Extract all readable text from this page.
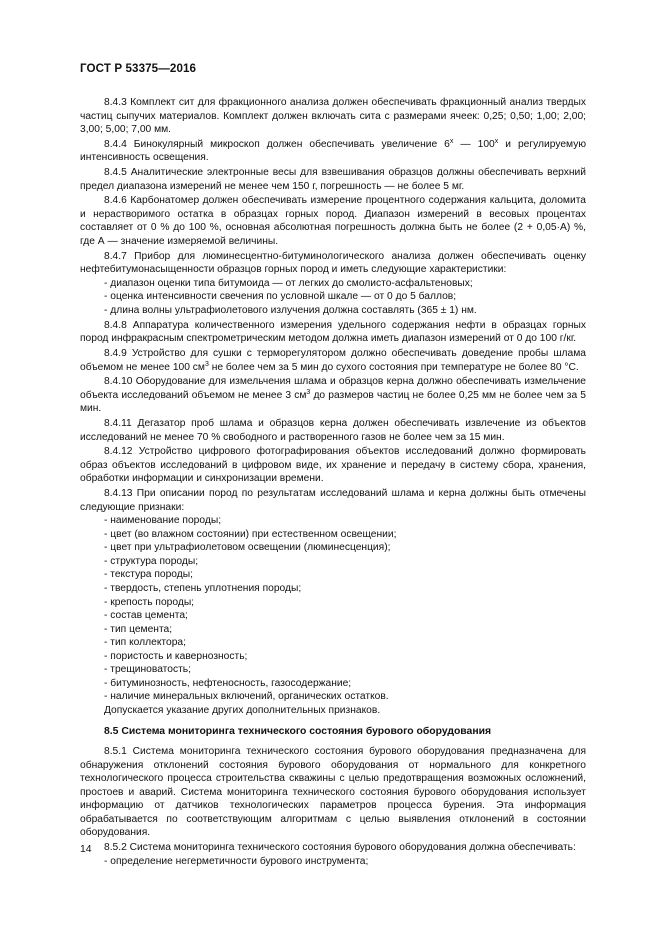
ГОСТ Р 53375—2016

8.4.3 Комплект сит для фракционного анализа должен обеспечивать фракционный анализ твердых частиц сыпучих материалов. Комплект должен включать сита с размерами ячеек: 0,25; 0,50; 1,00; 2,00; 3,00; 5,00; 7,00 мм.

8.4.4 Бинокулярный микроскоп должен обеспечивать увеличение $6^х$ — $100^х$ и регулируемую интенсивность освещения.

8.4.5 Аналитические электронные весы для взвешивания образцов должны обеспечивать верхний предел диапазона измерений не менее чем 150 г, погрешность — не более 5 мг.

8.4.6 Карбонатомер должен обеспечивать измерение процентного содержания кальцита, доломита и нерастворимого остатка в образцах горных пород. Диапазон измерений в весовых процентах составляет от 0 % до 100 %, основная абсолютная погрешность должна быть не более (2 + 0,05·А) %, где А — значение измеряемой величины.

8.4.7 Прибор для люминесцентно-битуминологического анализа должен обеспечивать оценку нефтебитумонасыщенности образцов горных пород и иметь следующие характеристики:

- диапазон оценки типа битумоида — от легких до смолисто-асфальтеновых;
- оценка интенсивности свечения по условной шкале — от 0 до 5 баллов;
- длина волны ультрафиолетового излучения должна составлять (365 ± 1) нм.

8.4.8 Аппаратура количественного измерения удельного содержания нефти в образцах горных пород инфракрасным спектрометрическим методом должна иметь диапазон измерений от 0 до 100 г/кг.

8.4.9 Устройство для сушки с терморегулятором должно обеспечивать доведение пробы шлама объемом не менее 100 $см^3$ не более чем за 5 мин до сухого состояния при температуре не более 80 °С.

8.4.10 Оборудование для измельчения шлама и образцов керна должно обеспечивать измельчение объекта исследований объемом не менее 3 $см^3$ до размеров частиц не более 0,25 мм не более чем за 5 мин.

8.4.11 Дегазатор проб шлама и образцов керна должен обеспечивать извлечение из объектов исследований не менее 70 % свободного и растворенного газов не более чем за 15 мин.

8.4.12 Устройство цифрового фотографирования объектов исследований должно формировать образ объектов исследований в цифровом виде, их хранение и передачу в систему сбора, хранения, обработки информации и синхронизации времени.

8.4.13 При описании пород по результатам исследований шлама и керна должны быть отмечены следующие признаки:

- наименование породы;
- цвет (во влажном состоянии) при естественном освещении;
- цвет при ультрафиолетовом освещении (люминесценция);
- структура породы;
- текстура породы;
- твердость, степень уплотнения породы;
- крепость породы;
- состав цемента;
- тип цемента;
- тип коллектора;
- пористость и кавернозность;
- трещиноватость;
- битуминозность, нефтеносность, газосодержание;
- наличие минеральных включений, органических остатков.

Допускается указание других дополнительных признаков.

8.5 Система мониторинга технического состояния бурового оборудования

8.5.1 Система мониторинга технического состояния бурового оборудования предназначена для обнаружения отклонений состояния бурового оборудования от нормального для конкретного технологического процесса строительства скважины с целью предотвращения возможных осложнений, простоев и аварий. Система мониторинга технического состояния бурового оборудования использует информацию от датчиков технологических параметров процесса бурения. Эта информация обрабатывается по соответствующим алгоритмам с целью выявления отклонений в состоянии оборудования.

8.5.2 Система мониторинга технического состояния бурового оборудования должна обеспечивать:

- определение негерметичности бурового инструмента;
14
